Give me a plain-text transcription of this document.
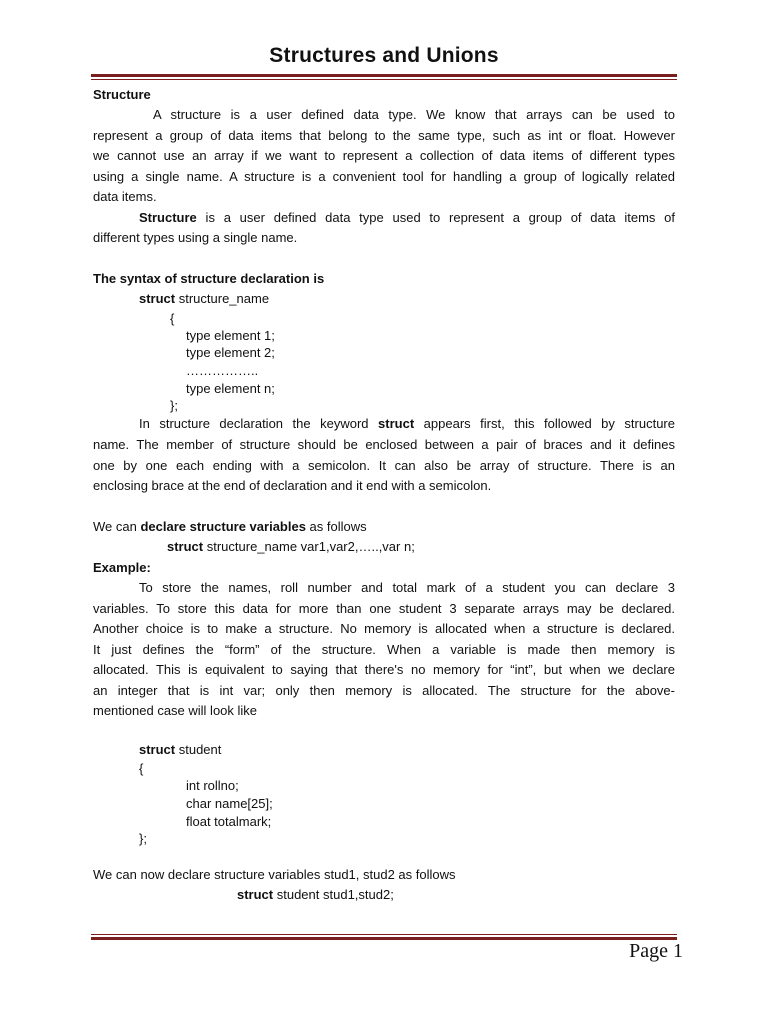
Structures and Unions
Structure
A structure is a user defined data type. We know that arrays can be used to
represent a group of data items that belong to the same type, such as int or float. However
we cannot use an array if we want to represent a collection of data items of different types
using a single name. A structure is a convenient tool for handling a group of logically related
data items.
Structure is a user defined data type used to represent a group of data items of
different types using a single name.
The syntax of structure declaration is
struct structure_name
{
type element 1;
type element 2;
……………..
type element n;
};
In structure declaration the keyword struct appears first, this followed by structure
name. The member of structure should be enclosed between a pair of braces and it defines
one by one each ending with a semicolon. It can also be array of structure. There is an
enclosing brace at the end of declaration and it end with a semicolon.
We can declare structure variables as follows
struct structure_name var1,var2,…..,var n;
Example:
To store the names, roll number and total mark of a student you can declare 3
variables. To store this data for more than one student 3 separate arrays may be declared.
Another choice is to make a structure. No memory is allocated when a structure is declared.
It just defines the “form” of the structure. When a variable is made then memory is
allocated. This is equivalent to saying that there's no memory for “int”, but when we declare
an integer that is int var; only then memory is allocated. The structure for the above-
mentioned case will look like
struct student
{
int rollno;
char name[25];
float totalmark;
};
We can now declare structure variables stud1, stud2 as follows
struct student stud1,stud2;
Page 1
